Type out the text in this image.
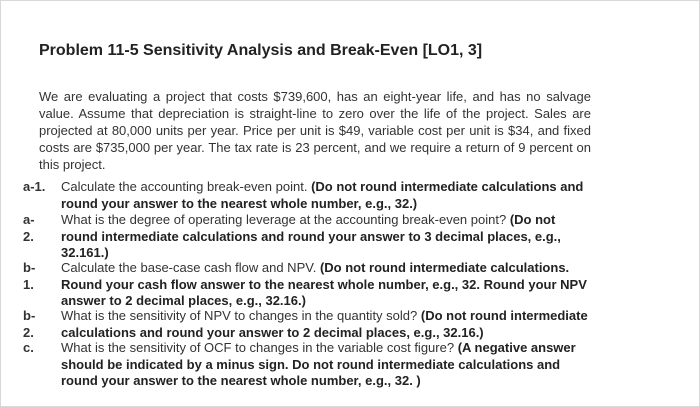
Problem 11-5 Sensitivity Analysis and Break-Even [LO1, 3]
We are evaluating a project that costs $739,600, has an eight-year life, and has no salvage value. Assume that depreciation is straight-line to zero over the life of the project. Sales are projected at 80,000 units per year. Price per unit is $49, variable cost per unit is $34, and fixed costs are $735,000 per year. The tax rate is 23 percent, and we require a return of 9 percent on this project.
a-1.	Calculate the accounting break-even point. (Do not round intermediate calculations and round your answer to the nearest whole number, e.g., 32.)
a-
2.
What is the degree of operating leverage at the accounting break-even point? (Do not round intermediate calculations and round your answer to 3 decimal places, e.g., 32.161.)
b-
1.
Calculate the base-case cash flow and NPV. (Do not round intermediate calculations. Round your cash flow answer to the nearest whole number, e.g., 32. Round your NPV answer to 2 decimal places, e.g., 32.16.)
b-
2.
What is the sensitivity of NPV to changes in the quantity sold? (Do not round intermediate calculations and round your answer to 2 decimal places, e.g., 32.16.)
c.	What is the sensitivity of OCF to changes in the variable cost figure? (A negative answer should be indicated by a minus sign. Do not round intermediate calculations and round your answer to the nearest whole number, e.g., 32. )
